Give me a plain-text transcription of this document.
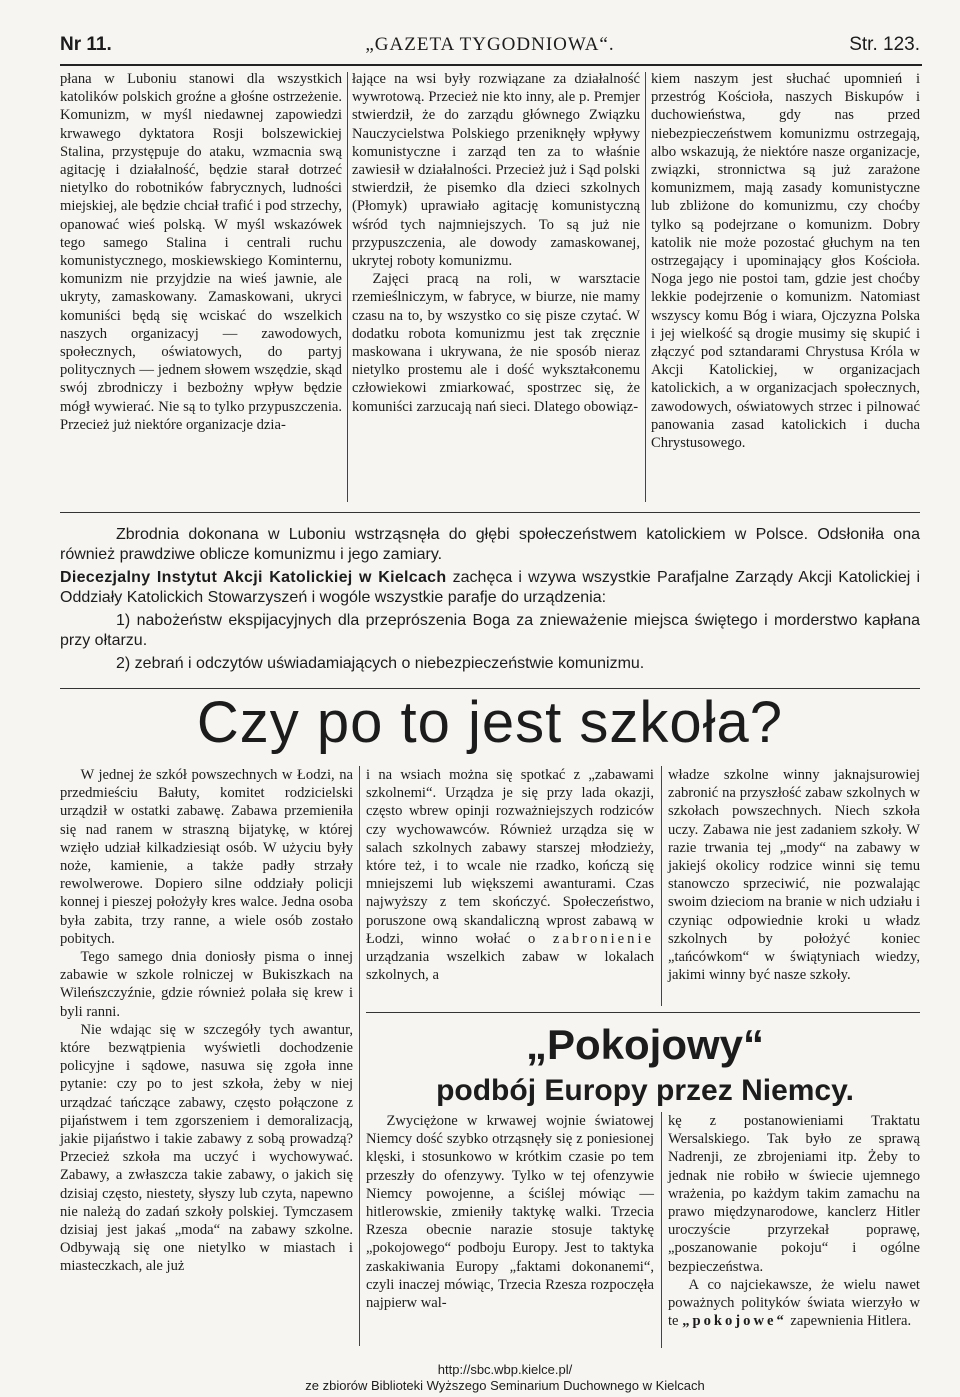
Nr 11.	„GAZETA TYGODNIOWA“.	Str. 123.

płana w Luboniu stanowi dla wszystkich katolików polskich groźne a głośne ostrzeżenie. Komunizm, w myśl niedawnej zapowiedzi krwawego dyktatora Rosji bolszewickiej Stalina, przystępuje do ataku, wzmacnia swą agitację i działalność, będzie starał dotrzeć nietylko do robotników fabrycznych, ludności miejskiej, ale będzie chciał trafić i pod strzechy, opanować wieś polską. W myśl wskazówek tego samego Stalina i centrali ruchu komunistycznego, moskiewskiego Kominternu, komunizm nie przyjdzie na wieś jawnie, ale ukryty, zamaskowany. Zamaskowani, ukryci komuniści będą się wciskać do wszelkich naszych organizacyj — zawodowych, społecznych, oświatowych, do partyj politycznych — jednem słowem wszędzie, skąd swój zbrodniczy i bezbożny wpływ będzie mógł wywierać. Nie są to tylko przypuszczenia. Przecież już niektóre organizacje dzia-

łające na wsi były rozwiązane za działalność wywrotową. Przecież nie kto inny, ale p. Premjer stwierdził, że do zarządu głównego Związku Nauczycielstwa Polskiego przeniknęły wpływy komunistyczne i zarząd ten za to właśnie zawiesił w działalności. Przecież już i Sąd polski stwierdził, że pisemko dla dzieci szkolnych (Płomyk) uprawiało agitację komunistyczną wśród tych najmniejszych. To są już nie przypuszczenia, ale dowody zamaskowanej, ukrytej roboty komunizmu.

Zajęci pracą na roli, w warsztacie rzemieślniczym, w fabryce, w biurze, nie mamy czasu na to, by wszystko co się pisze czytać. W dodatku robota komunizmu jest tak zręcznie maskowana i ukrywana, że nie sposób nieraz nietylko prostemu ale i dość wykształconemu człowiekowi zmiarkować, spostrzec się, że komuniści zarzucają nań sieci. Dlatego obowiąz-

kiem naszym jest słuchać upomnień i przestróg Kościoła, naszych Biskupów i duchowieństwa, gdy nas przed niebezpieczeństwem komunizmu ostrzegają, albo wskazują, że niektóre nasze organizacje, związki, stronnictwa są już zarażone komunizmem, mają zasady komunistyczne lub zbliżone do komunizmu, czy choćby tylko są podejrzane o komunizm. Dobry katolik nie może pozostać głuchym na ten ostrzegający i upominający głos Kościoła. Noga jego nie postoi tam, gdzie jest choćby lekkie podejrzenie o komunizm. Natomiast wszyscy komu Bóg i wiara, Ojczyzna Polska i jej wielkość są drogie musimy się skupić i złączyć pod sztandarami Chrystusa Króla w Akcji Katolickiej, w organizacjach katolickich, a w organizacjach społecznych, zawodowych, oświatowych strzec i pilnować panowania zasad katolickich i ducha Chrystusowego.

Zbrodnia dokonana w Luboniu wstrząsnęła do głębi społeczeństwem katolickiem w Polsce. Odsłoniła ona również prawdziwe oblicze komunizmu i jego zamiary.

Diecezjalny Instytut Akcji Katolickiej w Kielcach zachęca i wzywa wszystkie Parafjalne Zarządy Akcji Katolickiej i Oddziały Katolickich Stowarzyszeń i wogóle wszystkie parafje do urządzenia:

1) nabożeństw ekspijacyjnych dla przeprószenia Boga za znieważenie miejsca świętego i morderstwo kapłana przy ołtarzu.

2) zebrań i odczytów uświadamiających o niebezpieczeństwie komunizmu.

Czy po to jest szkoła?

W jednej że szkół powszechnych w Łodzi, na przedmieściu Bałuty, komitet rodzicielski urządził w ostatki zabawę. Zabawa przemieniła się nad ranem w straszną bijatykę, w której wzięło udział kilkadziesiąt osób. W użyciu były noże, kamienie, a także padły strzały rewolwerowe. Dopiero silne oddziały policji konnej i pieszej położyły kres walce. Jedna osoba była zabita, trzy ranne, a wiele osób zostało pobitych.

Tego samego dnia doniosły pisma o innej zabawie w szkole rolniczej w Bukiszkach na Wileńszczyźnie, gdzie również polała się krew i byli ranni.

Nie wdając się w szczegóły tych awantur, które bezwątpienia wyświetli dochodzenie policyjne i sądowe, nasuwa się zgoła inne pytanie: czy po to jest szkoła, żeby w niej urządzać tańczące zabawy, często połączone z pijaństwem i tem zgorszeniem i demoralizacją, jakie pijaństwo i takie zabawy z sobą prowadzą? Przecież szkoła ma uczyć i wychowywać. Zabawy, a zwłaszcza takie zabawy, o jakich się dzisiaj często, niestety, słyszy lub czyta, napewno nie należą do zadań szkoły polskiej. Tymczasem dzisiaj jest jakaś „moda“ na zabawy szkolne. Odbywają się one nietylko w miastach i miasteczkach, ale już

i na wsiach można się spotkać z „zabawami szkolnemi“. Urządza je się przy lada okazji, często wbrew opinji rozważniejszych rodziców czy wychowawców. Również urządza się w salach szkolnych zabawy starszej młodzieży, które też, i to wcale nie rzadko, kończą się mniejszemi lub większemi awanturami. Czas najwyższy z tem skończyć. Społeczeństwo, poruszone ową skandaliczną wprost zabawą w Łodzi, winno wołać o zabronienie urządzania wszelkich zabaw w lokalach szkolnych, a

władze szkolne winny jaknajsurowiej zabronić na przyszłość zabaw szkolnych w szkołach powszechnych. Niech szkoła uczy. Zabawa nie jest zadaniem szkoły. W razie trwania tej „mody“ na zabawy w jakiejś okolicy rodzice winni się temu stanowczo sprzeciwić, nie pozwalając swoim dzieciom na branie w nich udziału i czyniąc odpowiednie kroki u władz szkolnych by położyć koniec „tańcówkom“ w świątyniach wiedzy, jakimi winny być nasze szkoły.

„Pokojowy“
podbój Europy przez Niemcy.

Zwyciężone w krwawej wojnie światowej Niemcy dość szybko otrząsnęły się z poniesionej klęski, i stosunkowo w krótkim czasie po tem przeszły do ofenzywy. Tylko w tej ofenzywie Niemcy powojenne, a ściślej mówiąc — hitlerowskie, zmieniły taktykę walki. Trzecia Rzesza obecnie narazie stosuje taktykę „pokojowego“ podboju Europy. Jest to taktyka zaskakiwania Europy „faktami dokonanemi“, czyli inaczej mówiąc, Trzecia Rzesza rozpoczęła najpierw wal-

kę z postanowieniami Traktatu Wersalskiego. Tak było ze sprawą Nadrenji, ze zbrojeniami itp. Żeby to jednak nie robiło w świecie ujemnego wrażenia, po każdym takim zamachu na prawo międzynarodowe, kanclerz Hitler uroczyście przyrzekał poprawę, „poszanowanie pokoju“ i ogólne bezpieczeństwa.

A co najciekawsze, że wielu nawet poważnych polityków świata wierzyło w te „pokojowe“ zapewnienia Hitlera.

http://sbc.wbp.kielce.pl/
ze zbiorów Biblioteki Wyższego Seminarium Duchownego w Kielcach
